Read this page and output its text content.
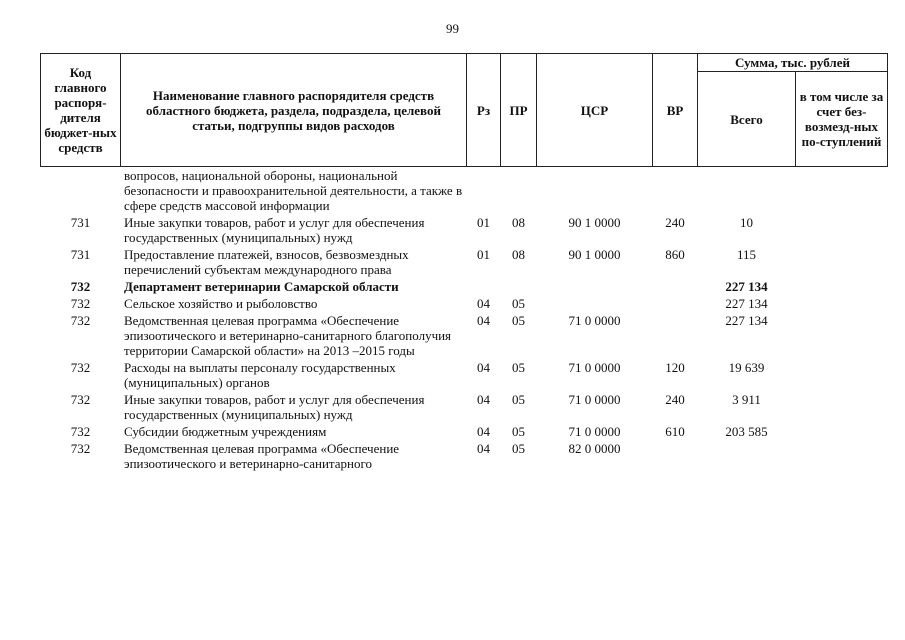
99
Код главного распоря-дителя бюджет-ных средств	Наименование главного распорядителя средств областного бюджета, раздела, подраздела, целевой статьи, подгруппы видов расходов	Рз	ПР	ЦСР	ВР	Сумма, тыс. рублей	
						Всего	в том числе за счет без-возмезд-ных по-ступлений
	вопросов, национальной обороны, национальной безопасности и правоохранительной деятельности, а также в сфере средств массовой информации						
731	Иные закупки товаров, работ и услуг для обеспечения государственных (муниципальных) нужд	01	08	90 1 0000	240	10	
731	Предоставление платежей, взносов, безвозмездных перечислений субъектам международного права	01	08	90 1 0000	860	115	
732	Департамент ветеринарии Самарской области					227 134	
732	Сельское хозяйство и рыболовство	04	05			227 134	
732	Ведомственная целевая программа «Обеспечение эпизоотического и ветеринарно-санитарного благополучия территории Самарской области» на 2013 –2015 годы	04	05	71 0 0000		227 134	
732	Расходы на выплаты персоналу государственных (муниципальных) органов	04	05	71 0 0000	120	19 639	
732	Иные закупки товаров, работ и услуг для обеспечения государственных (муниципальных) нужд	04	05	71 0 0000	240	3 911	
732	Субсидии бюджетным учреждениям	04	05	71 0 0000	610	203 585	
732	Ведомственная целевая программа «Обеспечение эпизоотического и ветеринарно-санитарного	04	05	82 0 0000			
